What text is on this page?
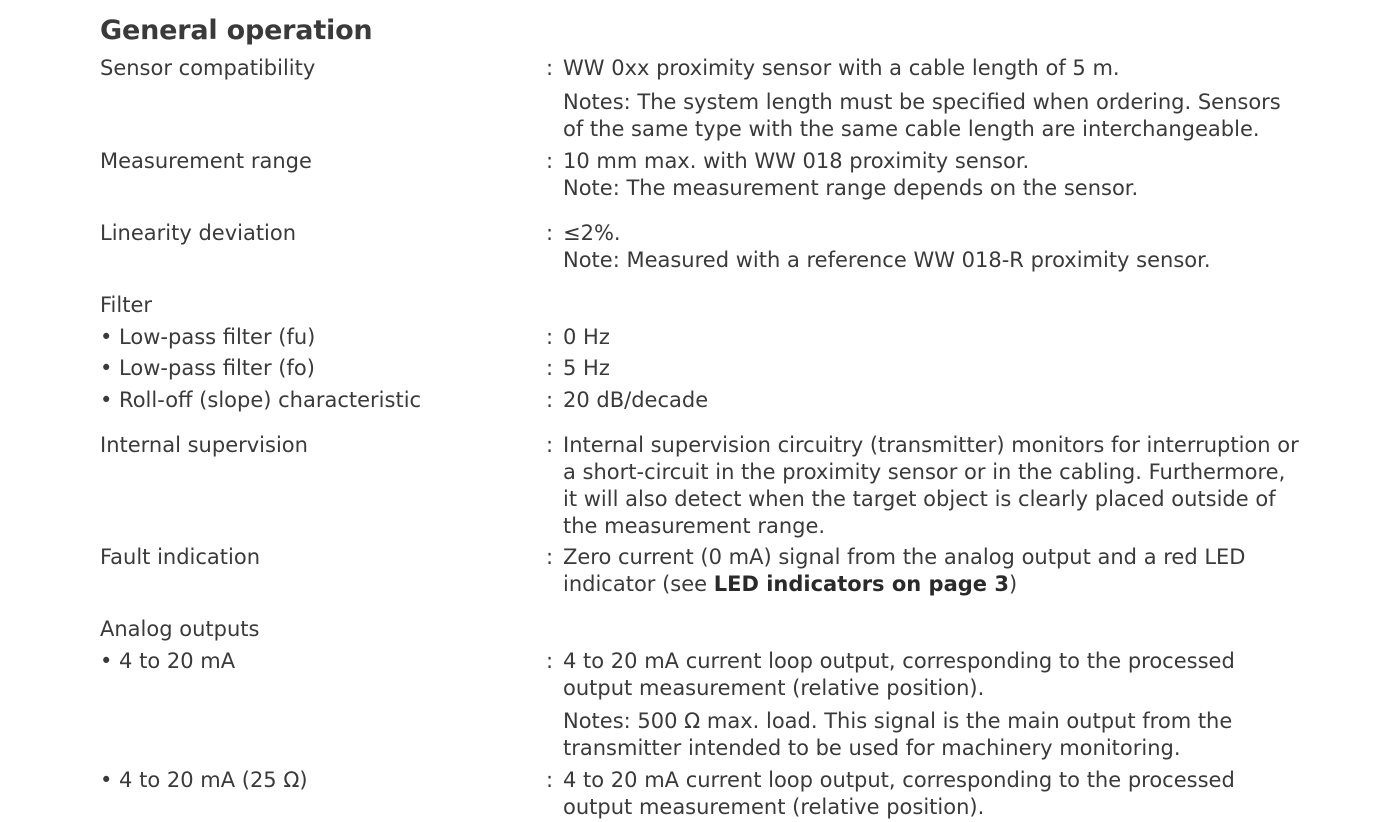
General operation
Sensor compatibility	: WW 0xx proximity sensor with a cable length of 5 m.
Notes: The system length must be specified when ordering. Sensors
of the same type with the same cable length are interchangeable.
Measurement range	: 10 mm max. with WW 018 proximity sensor.
Note: The measurement range depends on the sensor.
Linearity deviation	: ≤2%.
Note: Measured with a reference WW 018-R proximity sensor.
Filter
• Low-pass filter (fu)	: 0 Hz
• Low-pass filter (fo)	: 5 Hz
• Roll-off (slope) characteristic	: 20 dB/decade
Internal supervision	: Internal supervision circuitry (transmitter) monitors for interruption or
a short-circuit in the proximity sensor or in the cabling. Furthermore,
it will also detect when the target object is clearly placed outside of
the measurement range.
Fault indication	: Zero current (0 mA) signal from the analog output and a red LED
indicator (see LED indicators on page 3)
Analog outputs
• 4 to 20 mA	: 4 to 20 mA current loop output, corresponding to the processed
output measurement (relative position).
Notes: 500 Ω max. load. This signal is the main output from the
transmitter intended to be used for machinery monitoring.
• 4 to 20 mA (25 Ω)	: 4 to 20 mA current loop output, corresponding to the processed
output measurement (relative position).
